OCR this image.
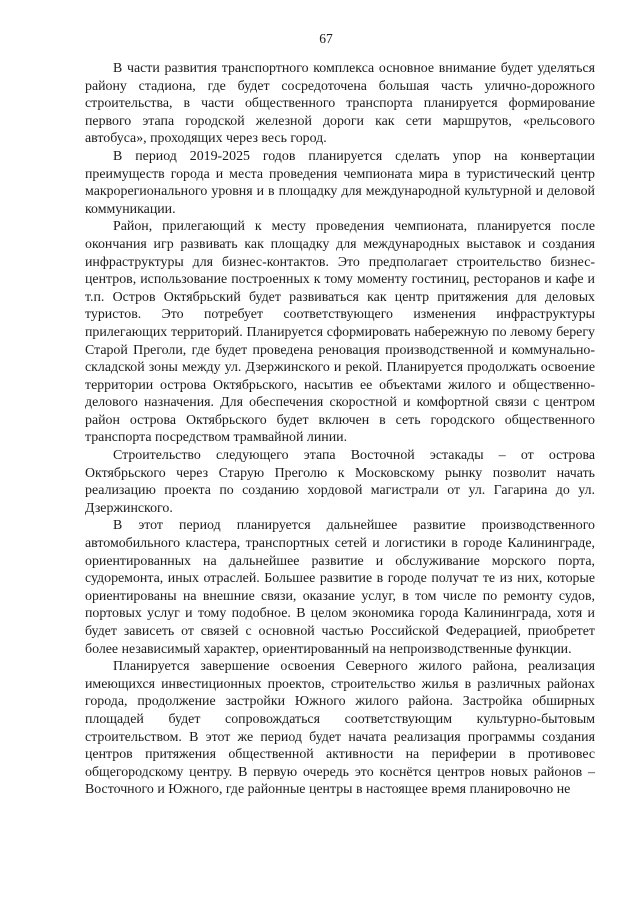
67

В части развития транспортного комплекса основное внимание будет уделяться району стадиона, где будет сосредоточена большая часть улично-дорожного строительства, в части общественного транспорта планируется формирование первого этапа городской железной дороги как сети маршрутов, «рельсового автобуса», проходящих через весь город.

В период 2019-2025 годов планируется сделать упор на конвертации преимуществ города и места проведения чемпионата мира в туристический центр макрорегионального уровня и в площадку для международной культурной и деловой коммуникации.

Район, прилегающий к месту проведения чемпионата, планируется после окончания игр развивать как площадку для международных выставок и создания инфраструктуры для бизнес-контактов. Это предполагает строительство бизнес-центров, использование построенных к тому моменту гостиниц, ресторанов и кафе и т.п. Остров Октябрьский будет развиваться как центр притяжения для деловых туристов. Это потребует соответствующего изменения инфраструктуры прилегающих территорий. Планируется сформировать набережную по левому берегу Старой Преголи, где будет проведена реновация производственной и коммунально-складской зоны между ул. Дзержинского и рекой. Планируется продолжать освоение территории острова Октябрьского, насытив ее объектами жилого и общественно-делового назначения. Для обеспечения скоростной и комфортной связи с центром район острова Октябрьского будет включен в сеть городского общественного транспорта посредством трамвайной линии.

Строительство следующего этапа Восточной эстакады – от острова Октябрьского через Старую Преголю к Московскому рынку позволит начать реализацию проекта по созданию хордовой магистрали от ул. Гагарина до ул. Дзержинского.

В этот период планируется дальнейшее развитие производственного автомобильного кластера, транспортных сетей и логистики в городе Калининграде, ориентированных на дальнейшее развитие и обслуживание морского порта, судоремонта, иных отраслей. Большее развитие в городе получат те из них, которые ориентированы на внешние связи, оказание услуг, в том числе по ремонту судов, портовых услуг и тому подобное. В целом экономика города Калининграда, хотя и будет зависеть от связей с основной частью Российской Федерацией, приобретет более независимый характер, ориентированный на непроизводственные функции.

Планируется завершение освоения Северного жилого района, реализация имеющихся инвестиционных проектов, строительство жилья в различных районах города, продолжение застройки Южного жилого района. Застройка обширных площадей будет сопровождаться соответствующим культурно-бытовым строительством. В этот же период будет начата реализация программы создания центров притяжения общественной активности на периферии в противовес общегородскому центру. В первую очередь это коснётся центров новых районов – Восточного и Южного, где районные центры в настоящее время планировочно не
